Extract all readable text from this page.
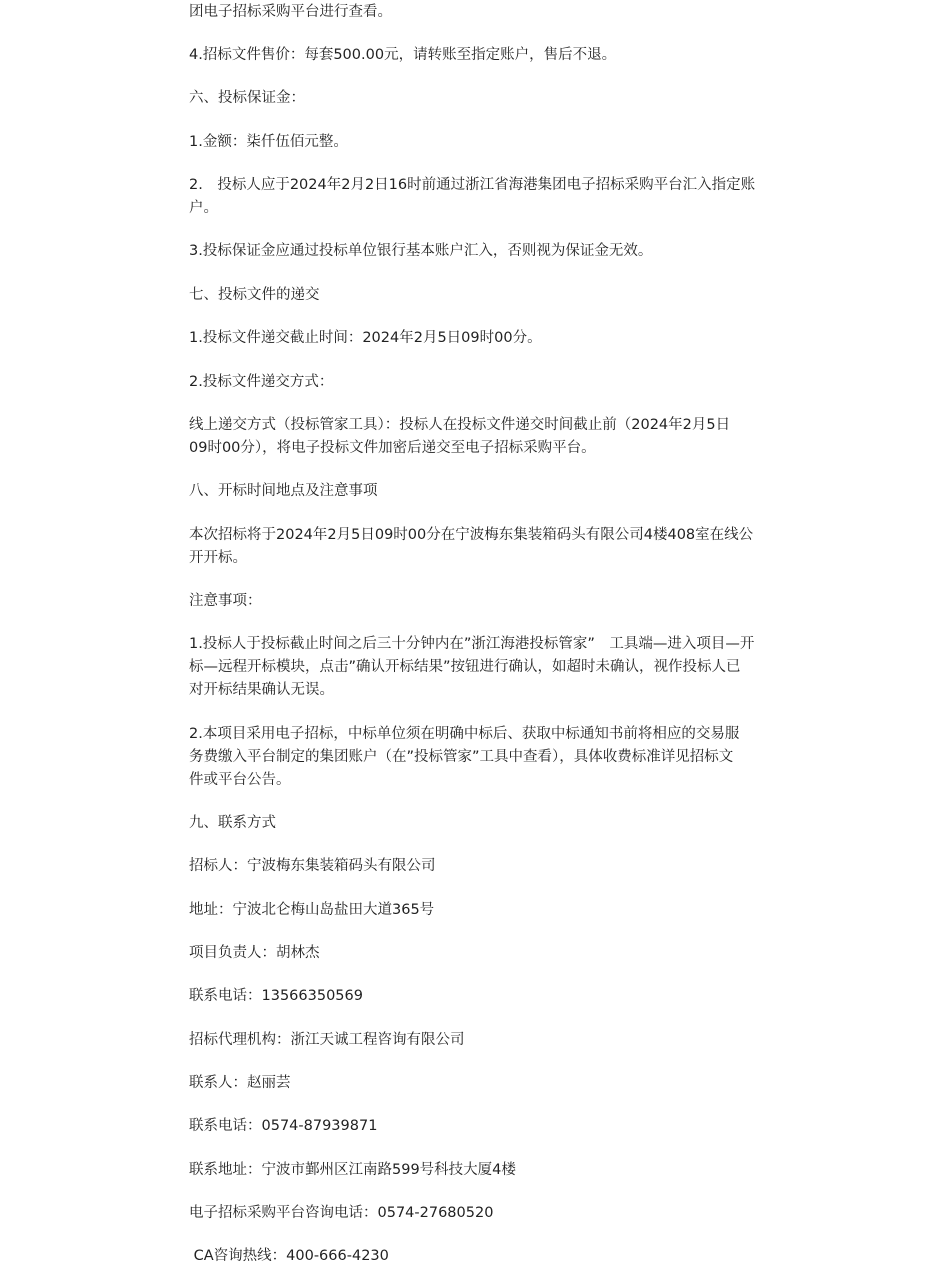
团电子招标采购平台进行查看。
4.招标文件售价：每套500.00元，请转账至指定账户，售后不退。
六、投标保证金：
1.金额：柒仟伍佰元整。
2.　投标人应于2024年2月2日16时前通过浙江省海港集团电子招标采购平台汇入指定账
户。
3.投标保证金应通过投标单位银行基本账户汇入，否则视为保证金无效。
七、投标文件的递交
1.投标文件递交截止时间：2024年2月5日09时00分。
2.投标文件递交方式：
线上递交方式（投标管家工具）：投标人在投标文件递交时间截止前（2024年2月5日
09时00分），将电子投标文件加密后递交至电子招标采购平台。
八、开标时间地点及注意事项
本次招标将于2024年2月5日09时00分在宁波梅东集装箱码头有限公司4楼408室在线公
开开标。
注意事项：
1.投标人于投标截止时间之后三十分钟内在”浙江海港投标管家”　工具端—进入项目—开
标—远程开标模块，点击”确认开标结果”按钮进行确认，如超时未确认，视作投标人已
对开标结果确认无误。
2.本项目采用电子招标，中标单位须在明确中标后、获取中标通知书前将相应的交易服
务费缴入平台制定的集团账户（在”投标管家”工具中查看），具体收费标准详见招标文
件或平台公告。
九、联系方式
招标人：宁波梅东集装箱码头有限公司
地址：宁波北仑梅山岛盐田大道365号
项目负责人：胡林杰
联系电话：13566350569
招标代理机构：浙江天诚工程咨询有限公司
联系人：赵丽芸
联系电话：0574-87939871
联系地址：宁波市鄞州区江南路599号科技大厦4楼
电子招标采购平台咨询电话：0574-27680520
CA咨询热线：400-666-4230
